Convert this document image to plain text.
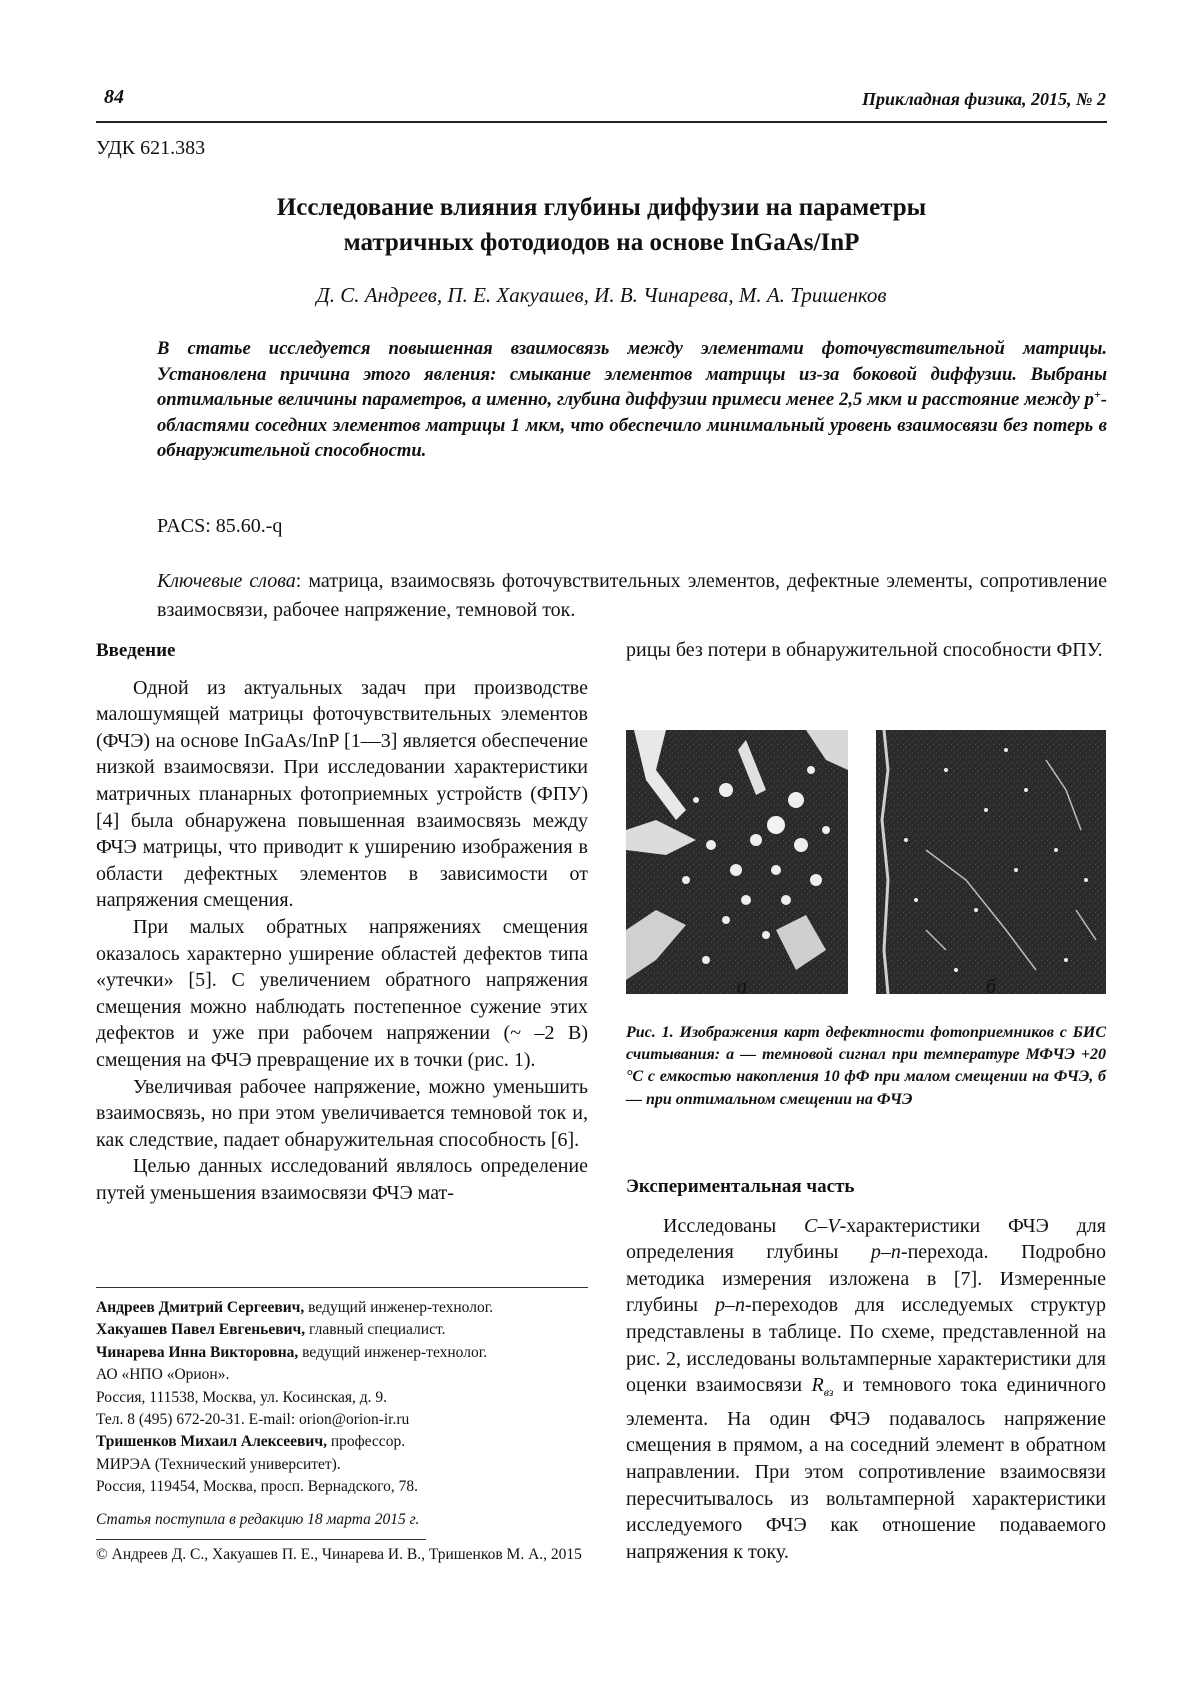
84	Прикладная физика, 2015, № 2
УДК 621.383
Исследование влияния глубины диффузии на параметры
матричных фотодиодов на основе InGaAs/InP
Д. С. Андреев, П. Е. Хакуашев, И. В. Чинарева, М. А. Тришенков
В статье исследуется повышенная взаимосвязь между элементами фоточувствительной матрицы. Установлена причина этого явления: смыкание элементов матрицы из-за боковой диффузии. Выбраны оптимальные величины параметров, а именно, глубина диффузии примеси менее 2,5 мкм и расстояние между p+-областями соседних элементов матрицы 1 мкм, что обеспечило минимальный уровень взаимосвязи без потерь в обнаружительной способности.
PACS: 85.60.-q
Ключевые слова: матрица, взаимосвязь фоточувствительных элементов, дефектные элементы, сопротивление взаимосвязи, рабочее напряжение, темновой ток.

Введение

Одной из актуальных задач при производстве малошумящей матрицы фоточувствительных элементов (ФЧЭ) на основе InGaAs/InP [1—3] является обеспечение низкой взаимосвязи. При исследовании характеристики матричных планарных фотоприемных устройств (ФПУ) [4] была обнаружена повышенная взаимосвязь между ФЧЭ матрицы, что приводит к уширению изображения в области дефектных элементов в зависимости от напряжения смещения.

При малых обратных напряжениях смещения оказалось характерно уширение областей дефектов типа «утечки» [5]. С увеличением обратного напряжения смещения можно наблюдать постепенное сужение этих дефектов и уже при рабочем напряжении (~ –2 В) смещения на ФЧЭ превращение их в точки (рис. 1).

Увеличивая рабочее напряжение, можно уменьшить взаимосвязь, но при этом увеличивается темновой ток и, как следствие, падает обнаружительная способность [6].

Целью данных исследований являлось определение путей уменьшения взаимосвязи ФЧЭ мат-

рицы без потери в обнаружительной способности ФПУ.

а	б
Рис. 1. Изображения карт дефектности фотоприемников с БИС считывания: а — темновой сигнал при температуре МФЧЭ +20 °С с емкостью накопления 10 фФ при малом смещении на ФЧЭ, б — при оптимальном смещении на ФЧЭ

Экспериментальная часть

Исследованы C–V-характеристики ФЧЭ для определения глубины p–n-перехода. Подробно методика измерения изложена в [7]. Измеренные глубины p–n-переходов для исследуемых структур представлены в таблице. По схеме, представленной на рис. 2, исследованы вольтамперные характеристики для оценки взаимосвязи $R_{вз}$ и темнового тока единичного элемента. На один ФЧЭ подавалось напряжение смещения в прямом, а на соседний элемент в обратном направлении. При этом сопротивление взаимосвязи пересчитывалось из вольтамперной характеристики исследуемого ФЧЭ как отношение подаваемого напряжения к току.

Андреев Дмитрий Сергеевич, ведущий инженер-технолог.
Хакуашев Павел Евгеньевич, главный специалист.
Чинарева Инна Викторовна, ведущий инженер-технолог.
АО «НПО «Орион».
Россия, 111538, Москва, ул. Косинская, д. 9.
Тел. 8 (495) 672-20-31. E-mail: orion@orion-ir.ru
Тришенков Михаил Алексеевич, профессор.
МИРЭА (Технический университет).
Россия, 119454, Москва, просп. Вернадского, 78.
Статья поступила в редакцию 18 марта 2015 г.
© Андреев Д. С., Хакуашев П. Е., Чинарева И. В., Тришенков М. А., 2015
